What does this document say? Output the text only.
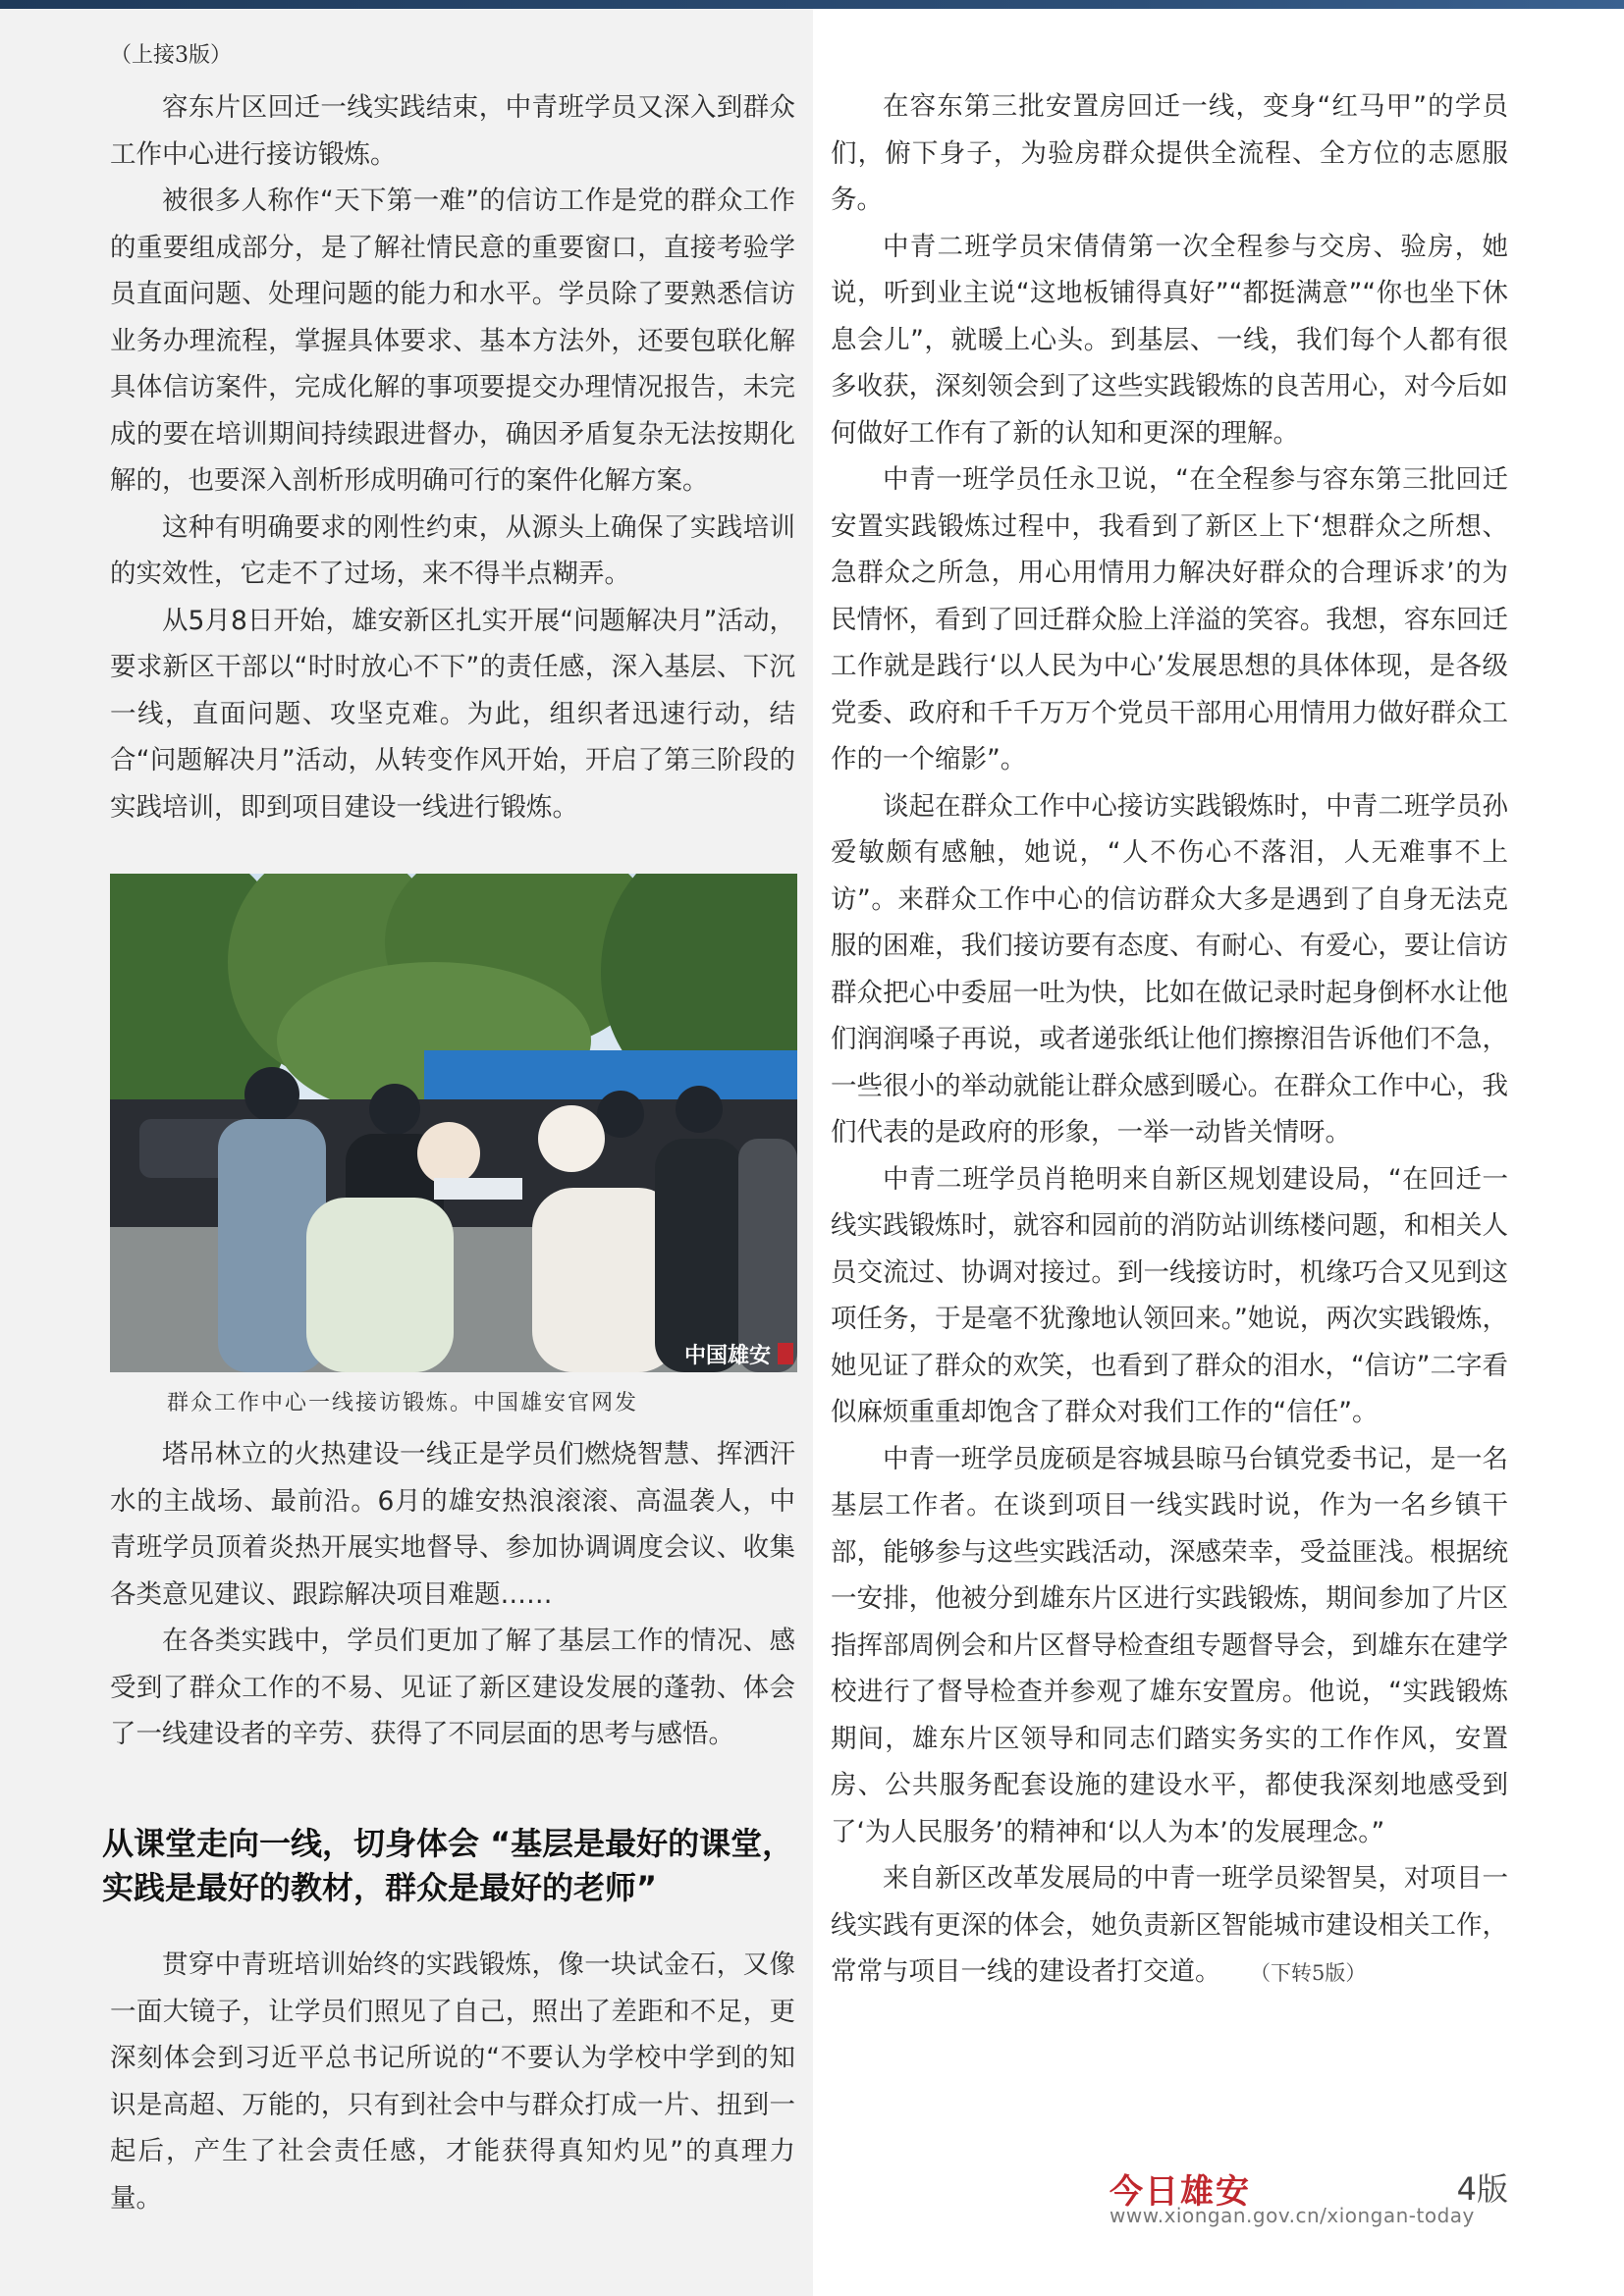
（上接3版）

容东片区回迁一线实践结束，中青班学员又深入到群众工作中心进行接访锻炼。

被很多人称作“天下第一难”的信访工作是党的群众工作的重要组成部分，是了解社情民意的重要窗口，直接考验学员直面问题、处理问题的能力和水平。学员除了要熟悉信访业务办理流程，掌握具体要求、基本方法外，还要包联化解具体信访案件，完成化解的事项要提交办理情况报告，未完成的要在培训期间持续跟进督办，确因矛盾复杂无法按期化解的，也要深入剖析形成明确可行的案件化解方案。

这种有明确要求的刚性约束，从源头上确保了实践培训的实效性，它走不了过场，来不得半点糊弄。

从5月8日开始，雄安新区扎实开展“问题解决月”活动，要求新区干部以“时时放心不下”的责任感，深入基层、下沉一线，直面问题、攻坚克难。为此，组织者迅速行动，结合“问题解决月”活动，从转变作风开始，开启了第三阶段的实践培训，即到项目建设一线进行锻炼。

中国雄安
群众工作中心一线接访锻炼。中国雄安官网发

塔吊林立的火热建设一线正是学员们燃烧智慧、挥洒汗水的主战场、最前沿。6月的雄安热浪滚滚、高温袭人，中青班学员顶着炎热开展实地督导、参加协调调度会议、收集各类意见建议、跟踪解决项目难题……

在各类实践中，学员们更加了解了基层工作的情况、感受到了群众工作的不易、见证了新区建设发展的蓬勃、体会了一线建设者的辛劳、获得了不同层面的思考与感悟。

从课堂走向一线，切身体会 “基层是最好的课堂，实践是最好的教材，群众是最好的老师”

贯穿中青班培训始终的实践锻炼，像一块试金石，又像一面大镜子，让学员们照见了自己，照出了差距和不足，更深刻体会到习近平总书记所说的“不要认为学校中学到的知识是高超、万能的，只有到社会中与群众打成一片、扭到一起后，产生了社会责任感，才能获得真知灼见”的真理力量。

在容东第三批安置房回迁一线，变身“红马甲”的学员们，俯下身子，为验房群众提供全流程、全方位的志愿服务。

中青二班学员宋倩倩第一次全程参与交房、验房，她说，听到业主说“这地板铺得真好”“都挺满意”“你也坐下休息会儿”，就暖上心头。到基层、一线，我们每个人都有很多收获，深刻领会到了这些实践锻炼的良苦用心，对今后如何做好工作有了新的认知和更深的理解。

中青一班学员任永卫说，“在全程参与容东第三批回迁安置实践锻炼过程中，我看到了新区上下‘想群众之所想、急群众之所急，用心用情用力解决好群众的合理诉求’的为民情怀，看到了回迁群众脸上洋溢的笑容。我想，容东回迁工作就是践行‘以人民为中心’发展思想的具体体现，是各级党委、政府和千千万万个党员干部用心用情用力做好群众工作的一个缩影”。

谈起在群众工作中心接访实践锻炼时，中青二班学员孙爱敏颇有感触，她说，“人不伤心不落泪，人无难事不上访”。来群众工作中心的信访群众大多是遇到了自身无法克服的困难，我们接访要有态度、有耐心、有爱心，要让信访群众把心中委屈一吐为快，比如在做记录时起身倒杯水让他们润润嗓子再说，或者递张纸让他们擦擦泪告诉他们不急，一些很小的举动就能让群众感到暖心。在群众工作中心，我们代表的是政府的形象，一举一动皆关情呀。

中青二班学员肖艳明来自新区规划建设局，“在回迁一线实践锻炼时，就容和园前的消防站训练楼问题，和相关人员交流过、协调对接过。到一线接访时，机缘巧合又见到这项任务，于是毫不犹豫地认领回来。”她说，两次实践锻炼，她见证了群众的欢笑，也看到了群众的泪水，“信访”二字看似麻烦重重却饱含了群众对我们工作的“信任”。

中青一班学员庞硕是容城县晾马台镇党委书记，是一名基层工作者。在谈到项目一线实践时说，作为一名乡镇干部，能够参与这些实践活动，深感荣幸，受益匪浅。根据统一安排，他被分到雄东片区进行实践锻炼，期间参加了片区指挥部周例会和片区督导检查组专题督导会，到雄东在建学校进行了督导检查并参观了雄东安置房。他说，“实践锻炼期间，雄东片区领导和同志们踏实务实的工作作风，安置房、公共服务配套设施的建设水平，都使我深刻地感受到了‘为人民服务’的精神和‘以人为本’的发展理念。”

来自新区改革发展局的中青一班学员梁智昊，对项目一线实践有更深的体会，她负责新区智能城市建设相关工作，常常与项目一线的建设者打交道。 （下转5版）

今日雄安	4版
www.xiongan.gov.cn/xiongan-today
